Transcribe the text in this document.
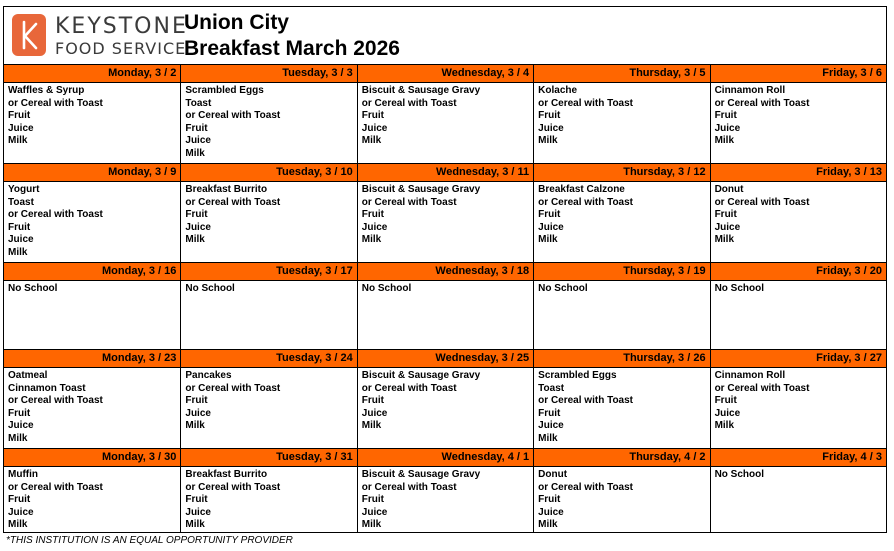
KEYSTONE
FOOD SERVICE
Union City
Breakfast March 2026
Monday, 3 / 2
Waffles & Syrup
or Cereal with Toast
Fruit
Juice
Milk
Tuesday, 3 / 3
Scrambled Eggs
Toast
or Cereal with Toast
Fruit
Juice
Milk
Wednesday, 3 / 4
Biscuit & Sausage Gravy
or Cereal with Toast
Fruit
Juice
Milk
Thursday, 3 / 5
Kolache
or Cereal with Toast
Fruit
Juice
Milk
Friday, 3 / 6
Cinnamon Roll
or Cereal with Toast
Fruit
Juice
Milk
Monday, 3 / 9
Yogurt
Toast
or Cereal with Toast
Fruit
Juice
Milk
Tuesday, 3 / 10
Breakfast Burrito
or Cereal with Toast
Fruit
Juice
Milk
Wednesday, 3 / 11
Biscuit & Sausage Gravy
or Cereal with Toast
Fruit
Juice
Milk
Thursday, 3 / 12
Breakfast Calzone
or Cereal with Toast
Fruit
Juice
Milk
Friday, 3 / 13
Donut
or Cereal with Toast
Fruit
Juice
Milk
Monday, 3 / 16
No School
Tuesday, 3 / 17
No School
Wednesday, 3 / 18
No School
Thursday, 3 / 19
No School
Friday, 3 / 20
No School
Monday, 3 / 23
Oatmeal
Cinnamon Toast
or Cereal with Toast
Fruit
Juice
Milk
Tuesday, 3 / 24
Pancakes
or Cereal with Toast
Fruit
Juice
Milk
Wednesday, 3 / 25
Biscuit & Sausage Gravy
or Cereal with Toast
Fruit
Juice
Milk
Thursday, 3 / 26
Scrambled Eggs
Toast
or Cereal with Toast
Fruit
Juice
Milk
Friday, 3 / 27
Cinnamon Roll
or Cereal with Toast
Fruit
Juice
Milk
Monday, 3 / 30
Muffin
or Cereal with Toast
Fruit
Juice
Milk
Tuesday, 3 / 31
Breakfast Burrito
or Cereal with Toast
Fruit
Juice
Milk
Wednesday, 4 / 1
Biscuit & Sausage Gravy
or Cereal with Toast
Fruit
Juice
Milk
Thursday, 4 / 2
Donut
or Cereal with Toast
Fruit
Juice
Milk
Friday, 4 / 3
No School
*THIS INSTITUTION IS AN EQUAL OPPORTUNITY PROVIDER
